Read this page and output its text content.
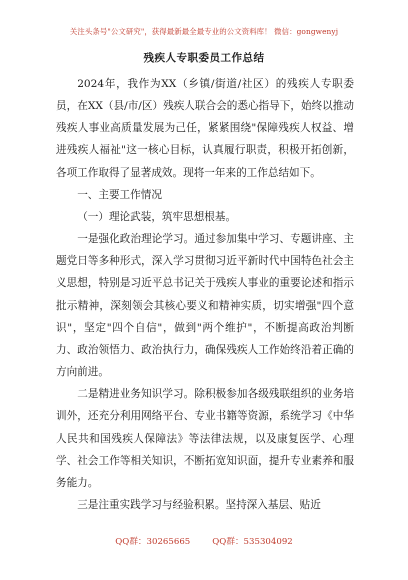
关注头条号"公文研究"，获得最新最全最专业的公文资料库！ 微信：gongwenyj
残疾人专职委员工作总结

2024年，我作为XX（乡镇/街道/社区）的残疾人专职委员，在XX（县/市/区）残疾人联合会的悉心指导下，始终以推动残疾人事业高质量发展为己任，紧紧围绕"保障残疾人权益、增进残疾人福祉"这一核心目标，认真履行职责，积极开拓创新，各项工作取得了显著成效。现将一年来的工作总结如下。

一、主要工作情况

（一）理论武装，筑牢思想根基。

一是强化政治理论学习。通过参加集中学习、专题讲座、主题党日等多种形式，深入学习贯彻习近平新时代中国特色社会主义思想，特别是习近平总书记关于残疾人事业的重要论述和指示批示精神，深刻领会其核心要义和精神实质，切实增强"四个意识"，坚定"四个自信"，做到"两个维护"，不断提高政治判断力、政治领悟力、政治执行力，确保残疾人工作始终沿着正确的方向前进。

二是精进业务知识学习。除积极参加各级残联组织的业务培训外，还充分利用网络平台、专业书籍等资源，系统学习《中华人民共和国残疾人保障法》等法律法规，以及康复医学、心理学、社会工作等相关知识，不断拓宽知识面，提升专业素养和服务能力。

三是注重实践学习与经验积累。坚持深入基层、贴近

QQ群：30265665	QQ群：535304092
